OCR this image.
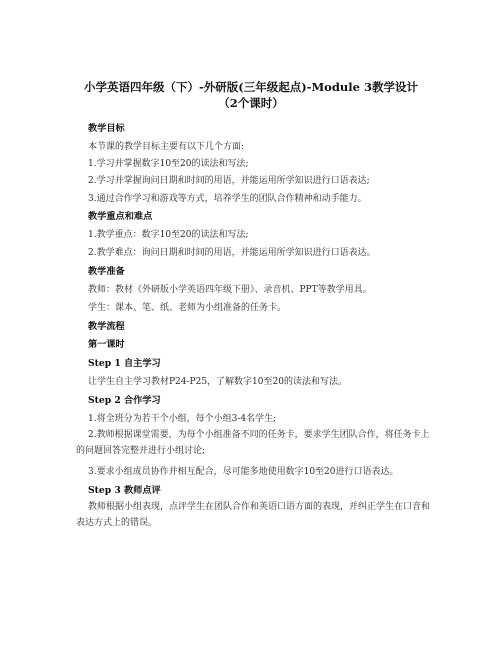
小学英语四年级（下）-外研版(三年级起点)-Module 3教学设计
（2个课时）
教学目标
本节课的教学目标主要有以下几个方面:
1.学习并掌握数字10至20的读法和写法;
2.学习并掌握询问日期和时间的用语，并能运用所学知识进行口语表达;
3.通过合作学习和游戏等方式，培养学生的团队合作精神和动手能力。
教学重点和难点
1.教学重点：数字10至20的读法和写法;
2.教学难点：询问日期和时间的用语，并能运用所学知识进行口语表达。
教学准备
教师：教材《外研版小学英语四年级下册》、录音机、PPT等教学用具。
学生：课本、笔、纸、老师为小组准备的任务卡。
教学流程
第一课时
Step 1 自主学习
让学生自主学习教材P24-P25，了解数字10至20的读法和写法。
Step 2 合作学习
1.将全班分为若干个小组，每个小组3-4名学生;
2.教师根据课堂需要，为每个小组准备不同的任务卡，要求学生团队合作，将任务卡上的问题回答完整并进行小组讨论;
3.要求小组成员协作并相互配合，尽可能多地使用数字10至20进行口语表达。
Step 3 教师点评
教师根据小组表现，点评学生在团队合作和英语口语方面的表现，并纠正学生在口音和表达方式上的错误。
